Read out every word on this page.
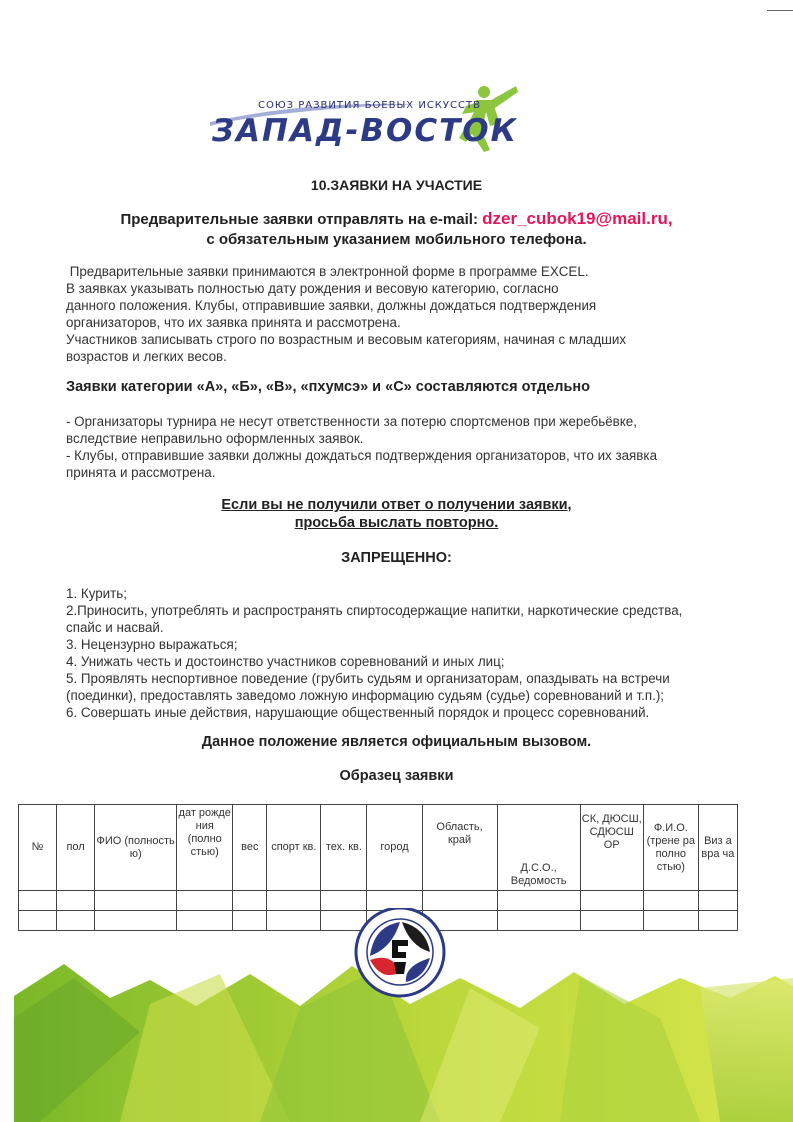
СОЮЗ РАЗВИТИЯ БОЕВЫХ ИСКУССТВ
ЗАПАД-ВОСТОК
10.ЗАЯВКИ НА УЧАСТИЕ
Предварительные заявки отправлять на e-mail: dzer_cubok19@mail.ru,
с обязательным указанием мобильного телефона.
Предварительные заявки принимаются в электронной форме в программе EXCEL.
В заявках указывать полностью дату рождения и весовую категорию, согласно
данного положения. Клубы, отправившие заявки, должны дождаться подтверждения
организаторов, что их заявка принята и рассмотрена.
Участников записывать строго по возрастным и весовым категориям, начиная с младших
возрастов и легких весов.
Заявки категории «А», «Б», «В», «пхумсэ» и «С» составляются отдельно
- Организаторы турнира не несут ответственности за потерю спортсменов при жеребьёвке,
вследствие неправильно оформленных заявок.
- Клубы, отправившие заявки должны дождаться подтверждения организаторов, что их заявка
принята и рассмотрена.
Если вы не получили ответ о получении заявки,
просьба выслать повторно.
ЗАПРЕЩЕННО:
1. Курить;
2.Приносить, употреблять и распространять спиртосодержащие напитки, наркотические средства,
спайс и насвай.
3. Нецензурно выражаться;
4. Унижать честь и достоинство участников соревнований и иных лиц;
5. Проявлять неспортивное поведение (грубить судьям и организаторам, опаздывать на встречи
(поединки), предоставлять заведомо ложную информацию судьям (судье) соревнований и т.п.);
6. Совершать иные действия, нарушающие общественный порядок и процесс соревнований.
Данное положение является официальным вызовом.
Образец заявки
№	пол	ФИО (полность ю)	дат рожде ния (полно стью)	вес	спорт кв.	тех. кв.	город	Область, край	Д.С.О., Ведомость	СК, ДЮСШ, СДЮСШ ОР	Ф.И.О. (трене ра полно стью)	Виз а вра ча
